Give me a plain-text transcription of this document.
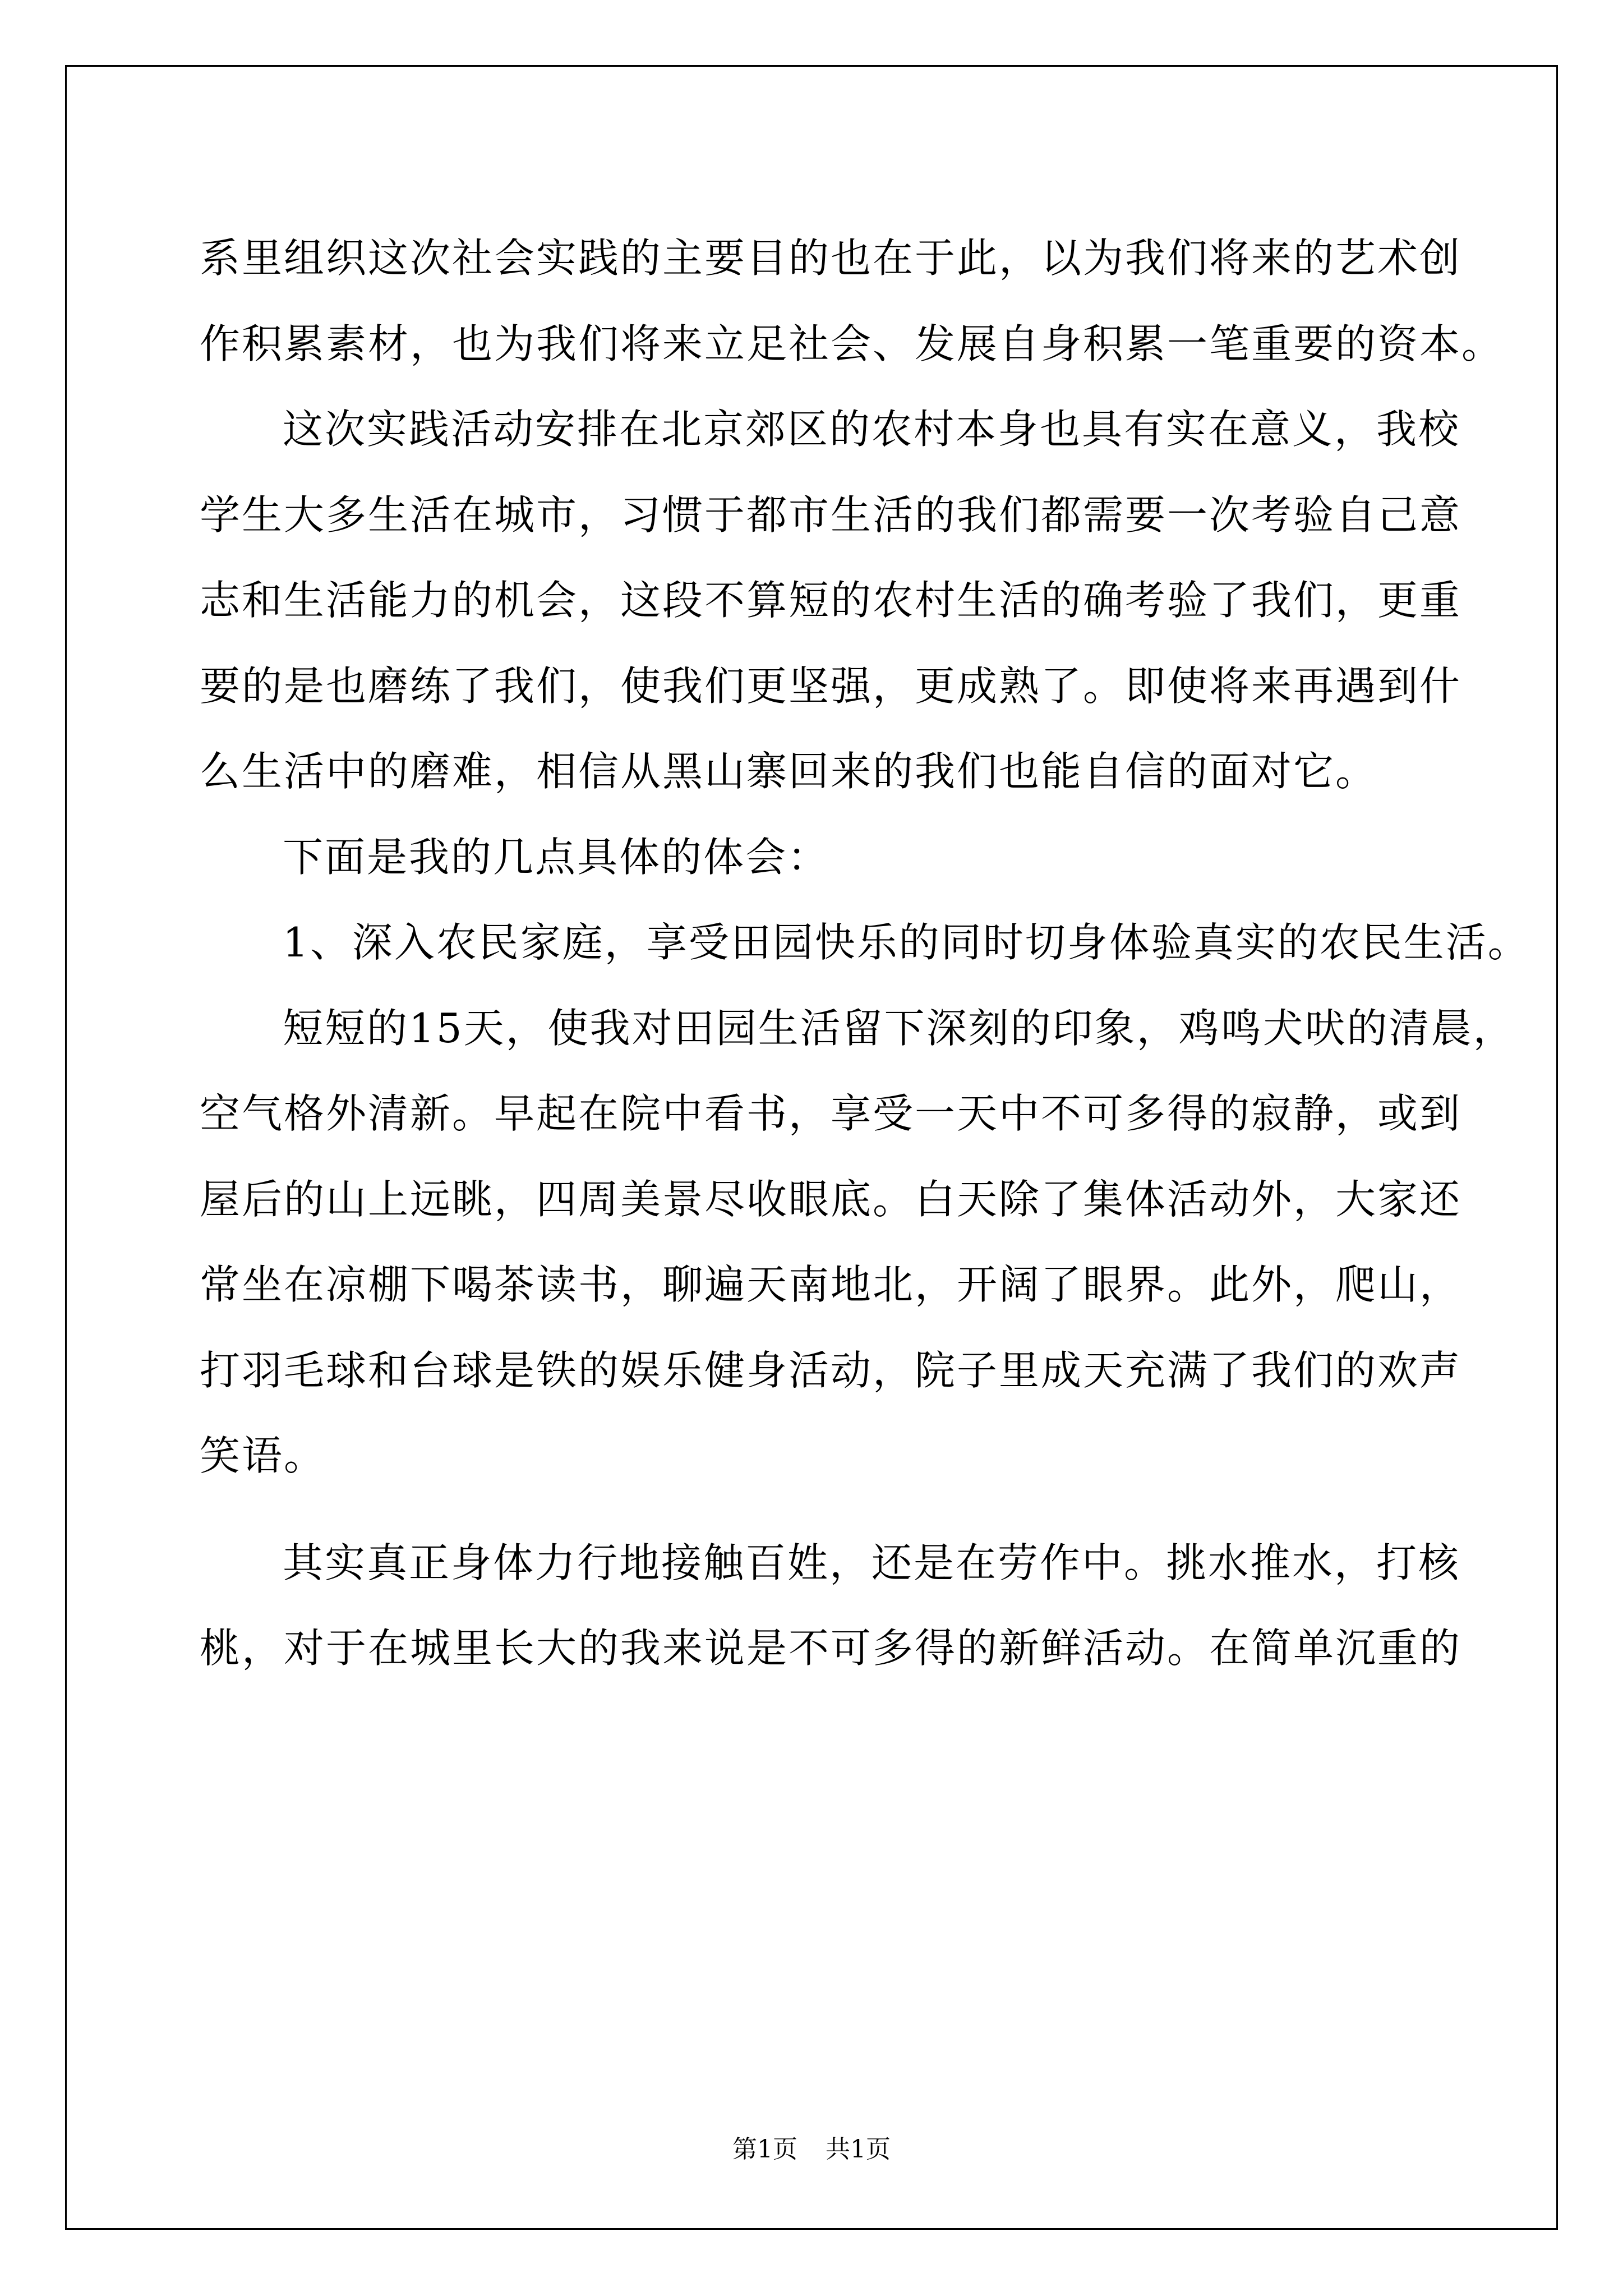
系里组织这次社会实践的主要目的也在于此，以为我们将来的艺术创
作积累素材，也为我们将来立足社会、发展自身积累一笔重要的资本。
这次实践活动安排在北京郊区的农村本身也具有实在意义，我校
学生大多生活在城市，习惯于都市生活的我们都需要一次考验自己意
志和生活能力的机会，这段不算短的农村生活的确考验了我们，更重
要的是也磨练了我们，使我们更坚强，更成熟了。即使将来再遇到什
么生活中的磨难，相信从黑山寨回来的我们也能自信的面对它。
下面是我的几点具体的体会：
1、深入农民家庭，享受田园快乐的同时切身体验真实的农民生活。
短短的15天，使我对田园生活留下深刻的印象，鸡鸣犬吠的清晨，
空气格外清新。早起在院中看书，享受一天中不可多得的寂静，或到
屋后的山上远眺，四周美景尽收眼底。白天除了集体活动外，大家还
常坐在凉棚下喝茶读书，聊遍天南地北，开阔了眼界。此外，爬山，
打羽毛球和台球是铁的娱乐健身活动，院子里成天充满了我们的欢声
笑语。
其实真正身体力行地接触百姓，还是在劳作中。挑水推水，打核
桃，对于在城里长大的我来说是不可多得的新鲜活动。在简单沉重的
第1页 共1页
